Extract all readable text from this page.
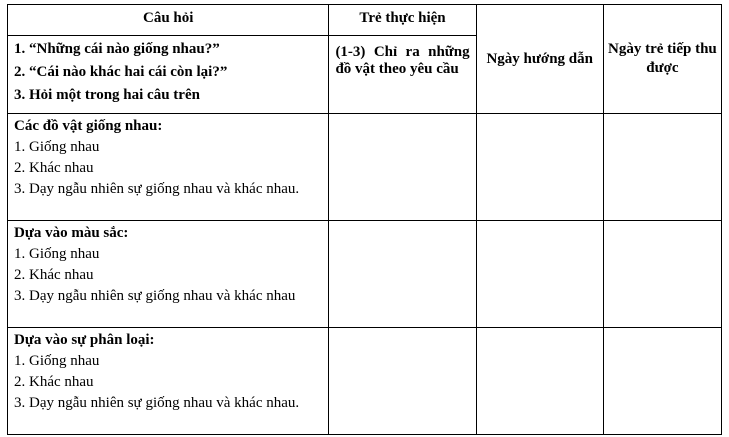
Câu hỏi	Trẻ thực hiện	Ngày hướng dẫn	Ngày trẻ tiếp thu được

1. “Những cái nào giống nhau?”
2. “Cái nào khác hai cái còn lại?”
3. Hỏi một trong hai câu trên	(1-3) Chỉ ra những đồ vật theo yêu cầu		

Các đồ vật giống nhau:
1. Giống nhau
2. Khác nhau
3. Dạy ngẫu nhiên sự giống nhau và khác nhau.			

Dựa vào màu sắc:
1. Giống nhau
2. Khác nhau
3. Dạy ngẫu nhiên sự giống nhau và khác nhau			

Dựa vào sự phân loại:
1. Giống nhau
2. Khác nhau
3. Dạy ngẫu nhiên sự giống nhau và khác nhau.			
